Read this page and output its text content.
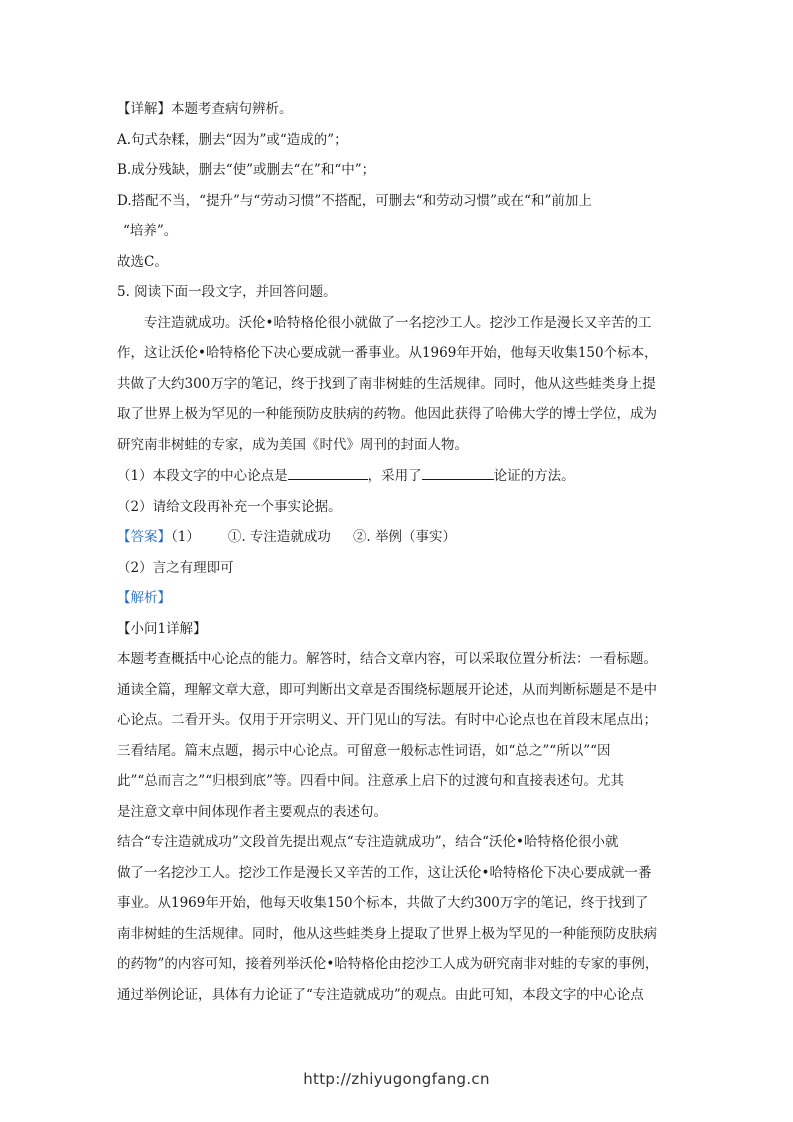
【详解】本题考查病句辨析。

A.句式杂糅，删去“因为”或“造成的”；

B.成分残缺，删去“使”或删去“在”和“中”；

D.搭配不当，“提升”与“劳动习惯”不搭配，可删去“和劳动习惯”或在“和”前加上

“培养”。

故选C。

5. 阅读下面一段文字，并回答问题。

专注造就成功。沃伦•哈特格伦很小就做了一名挖沙工人。挖沙工作是漫长又辛苦的工

作，这让沃伦•哈特格伦下决心要成就一番事业。从1969年开始，他每天收集150个标本，

共做了大约300万字的笔记，终于找到了南非树蛙的生活规律。同时，他从这些蛙类身上提

取了世界上极为罕见的一种能预防皮肤病的药物。他因此获得了哈佛大学的博士学位，成为

研究南非树蛙的专家，成为美国《时代》周刊的封面人物。

（1）本段文字的中心论点是	，采用了	论证的方法。

（2）请给文段再补充一个事实论据。

【答案】（1） ①. 专注造就成功 ②. 举例（事实）

（2）言之有理即可

【解析】

【小问1详解】

本题考查概括中心论点的能力。解答时，结合文章内容，可以采取位置分析法：一看标题。

通读全篇，理解文章大意，即可判断出文章是否围绕标题展开论述，从而判断标题是不是中

心论点。二看开头。仅用于开宗明义、开门见山的写法。有时中心论点也在首段末尾点出；

三看结尾。篇末点题，揭示中心论点。可留意一般标志性词语，如“总之”“所以”“因

此”“总而言之”“归根到底”等。四看中间。注意承上启下的过渡句和直接表述句。尤其

是注意文章中间体现作者主要观点的表述句。

结合“专注造就成功”文段首先提出观点“专注造就成功”，结合“沃伦•哈特格伦很小就

做了一名挖沙工人。挖沙工作是漫长又辛苦的工作，这让沃伦•哈特格伦下决心要成就一番

事业。从1969年开始，他每天收集150个标本，共做了大约300万字的笔记，终于找到了

南非树蛙的生活规律。同时，他从这些蛙类身上提取了世界上极为罕见的一种能预防皮肤病

的药物”的内容可知，接着列举沃伦•哈特格伦由挖沙工人成为研究南非对蛙的专家的事例，

通过举例论证，具体有力论证了“专注造就成功”的观点。由此可知，本段文字的中心论点

http://zhiyugongfang.cn
